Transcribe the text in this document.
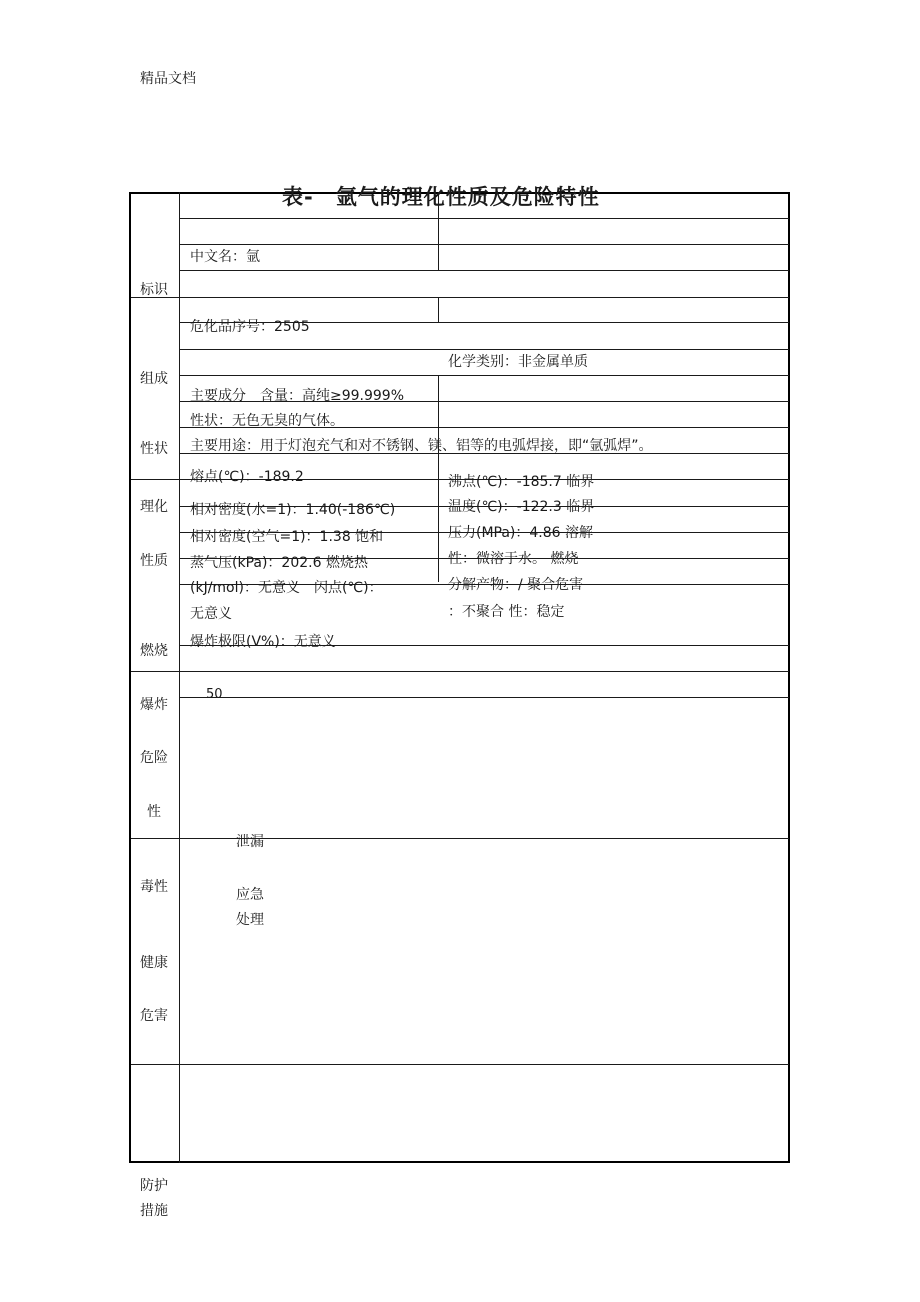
精品文档
表-　氩气的理化性质及危险特性
标识
组成
性状
理化
性质
燃烧
爆炸
危险
性
毒性
健康
危害
防护
措施
中文名：氩
危化品序号：2505
化学类别：非金属单质
主要成分　含量：高纯≥99.999%
性状：无色无臭的气体。
主要用途：用于灯泡充气和对不锈钢、镁、铝等的电弧焊接，即“氩弧焊”。
熔点(℃)：-189.2
相对密度(水=1)：1.40(-186℃)
相对密度(空气=1)：1.38 饱和
蒸气压(kPa)：202.6 燃烧热
(kJ/mol)：无意义　闪点(℃)：
无意义
爆炸极限(V%)：无意义
沸点(℃)：-185.7 临界
温度(℃)：-122.3 临界
压力(MPa)：4.86 溶解
性：微溶于水。 燃烧
分解产物：/ 聚合危害
：不聚合 性：稳定
50
泄漏
应急
处理
